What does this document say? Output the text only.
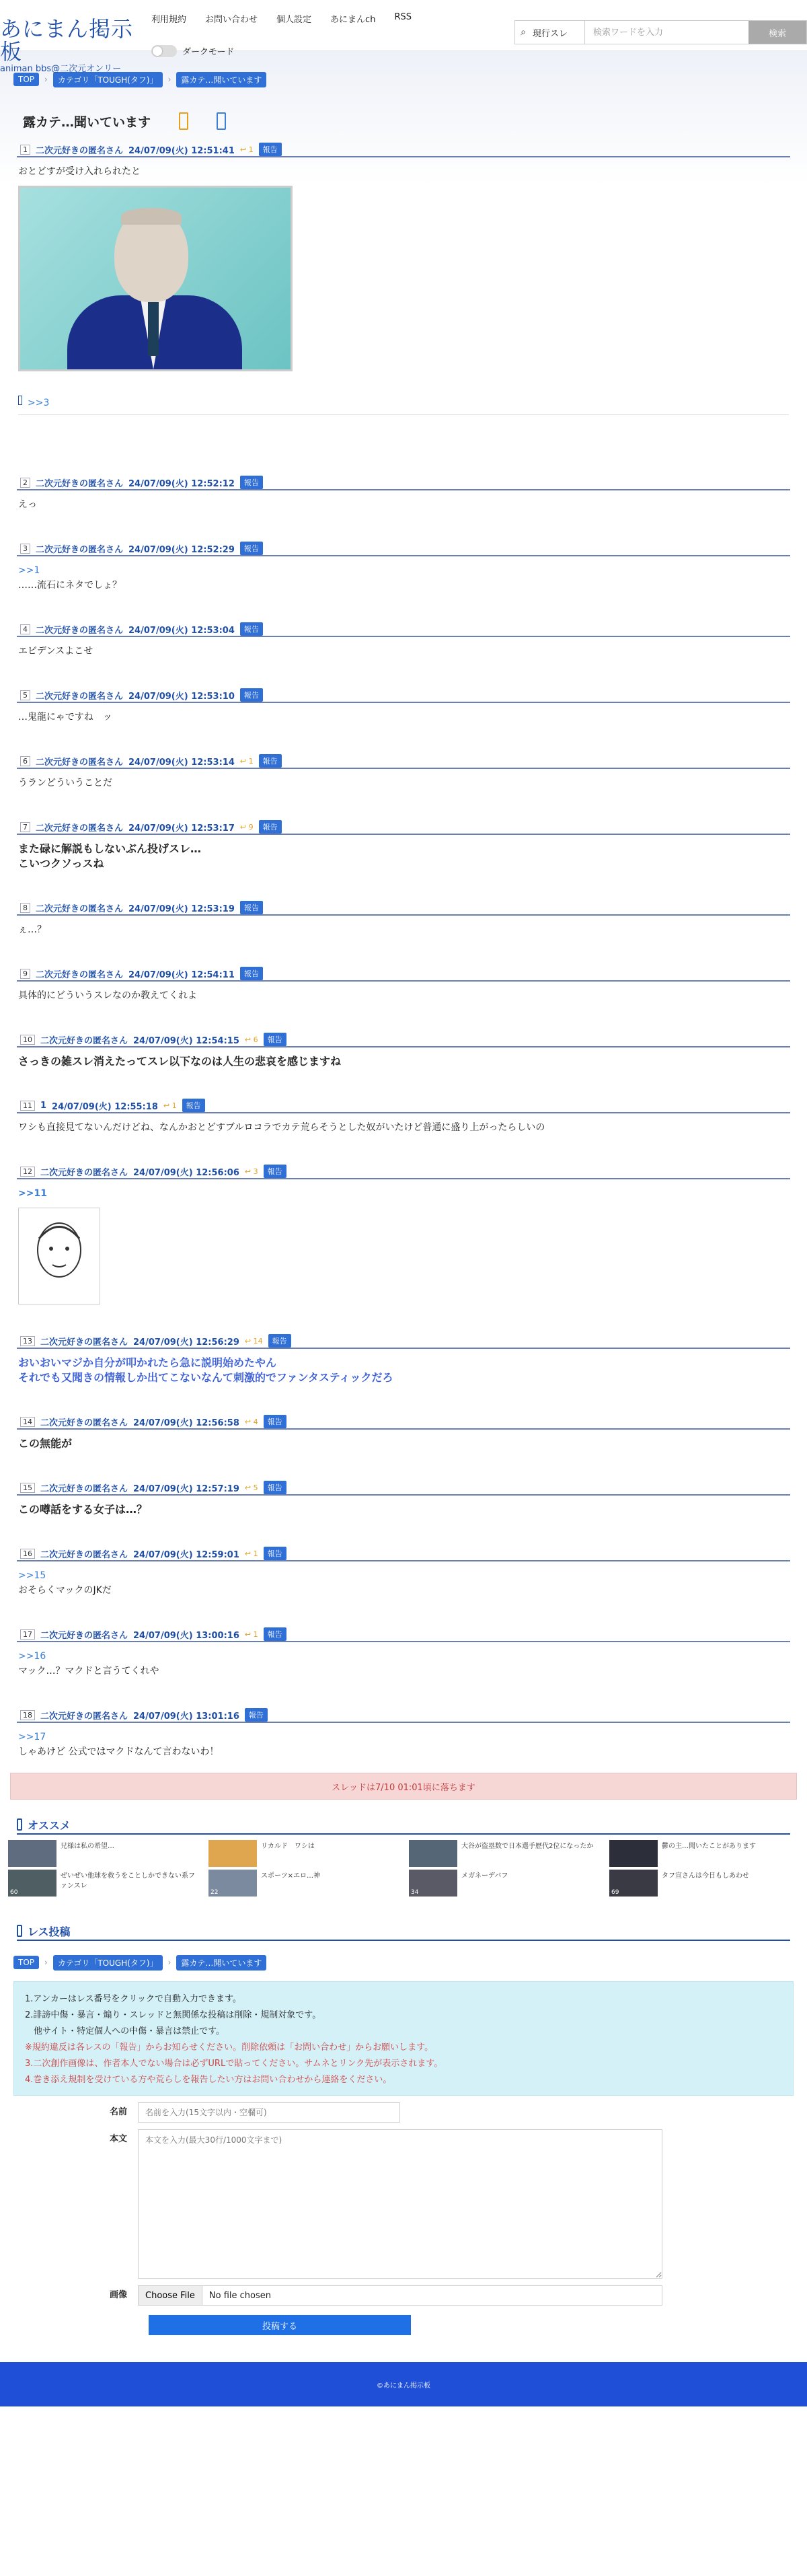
あにまん掲示板
animan bbs@二次元オンリー
利用規約 お問い合わせ 個人設定 あにまんch RSS
ダークモード
⌕ 現行スレ
検索ワードを入力	検索
TOP	›	カテゴリ「TOUGH(タフ)」	›	露カテ…聞いています
露カテ…聞いています
1 二次元好きの匿名さん 24/07/09(火) 12:51:41 ↩ 1	報告
おとどすが受け入れられたと
>>3
2 二次元好きの匿名さん 24/07/09(火) 12:52:12	報告
えっ
3 二次元好きの匿名さん 24/07/09(火) 12:52:29	報告
>>1
……流石にネタでしょ？
4 二次元好きの匿名さん 24/07/09(火) 12:53:04	報告
エビデンスよこせ
5 二次元好きの匿名さん 24/07/09(火) 12:53:10	報告
…鬼龍にゃですね　ッ
6 二次元好きの匿名さん 24/07/09(火) 12:53:14 ↩ 1	報告
うランどういうことだ
7 二次元好きの匿名さん 24/07/09(火) 12:53:17 ↩ 9	報告
また碌に解説もしないぶん投げスレ…
こいつクソっスね
8 二次元好きの匿名さん 24/07/09(火) 12:53:19	報告
ぇ…？
9 二次元好きの匿名さん 24/07/09(火) 12:54:11	報告
具体的にどういうスレなのか教えてくれよ
10 二次元好きの匿名さん 24/07/09(火) 12:54:15 ↩ 6	報告
さっきの雑スレ消えたってスレ以下なのは人生の悲哀を感じますね
11 1 24/07/09(火) 12:55:18 ↩ 1	報告
ワシも直接見てないんだけどね、なんかおとどすブルロコラでカテ荒らそうとした奴がいたけど普通に盛り上がったらしいの
12 二次元好きの匿名さん 24/07/09(火) 12:56:06 ↩ 3	報告
>>11
13 二次元好きの匿名さん 24/07/09(火) 12:56:29 ↩ 14	報告
おいおいマジか自分が叩かれたら急に説明始めたやん
それでも又聞きの情報しか出てこないなんて刺激的でファンタスティックだろ
14 二次元好きの匿名さん 24/07/09(火) 12:56:58 ↩ 4	報告
この無能が
15 二次元好きの匿名さん 24/07/09(火) 12:57:19 ↩ 5	報告
この噂話をする女子は…？
16 二次元好きの匿名さん 24/07/09(火) 12:59:01 ↩ 1	報告
>>15
おそらくマックのJKだ
17 二次元好きの匿名さん 24/07/09(火) 13:00:16 ↩ 1	報告
>>16
マック…？マクドと言うてくれや
18 二次元好きの匿名さん 24/07/09(火) 13:01:16	報告
>>17
しゃあけど 公式ではマクドなんて言わないわ！
スレッドは7/10 01:01頃に落ちます
オススメ
兄様は私の希望…	リカルド　ワシは	大谷が盗塁数で日本選手歴代2位になったか	鬱の主…聞いたことがあります
60
ぜいぜい他球を救うをことしかできない系ファンスレ
22
スポーツ×エロ…神
34
メガネーデバフ
69
タフ宣さんは今日もしあわせ
レス投稿
TOP	›	カテゴリ「TOUGH(タフ)」	›	露カテ…聞いています
1.アンカーはレス番号をクリックで自動入力できます。
2.誹謗中傷・暴言・煽り・スレッドと無関係な投稿は削除・規制対象です。
　他サイト・特定個人への中傷・暴言は禁止です。
※規約違反は各レスの「報告」からお知らせください。削除依頼は「お問い合わせ」からお願いします。
3.二次創作画像は、作者本人でない場合は必ずURLで貼ってください。サムネとリンク先が表示されます。
4.巻き添え規制を受けている方や荒らしを報告したい方はお問い合わせから連絡をください。
名前
名前を入力(15文字以内・空欄可)
本文
本文を入力(最大30行/1000文字まで)
画像	Choose File	No file chosen
投稿する
©あにまん掲示板
